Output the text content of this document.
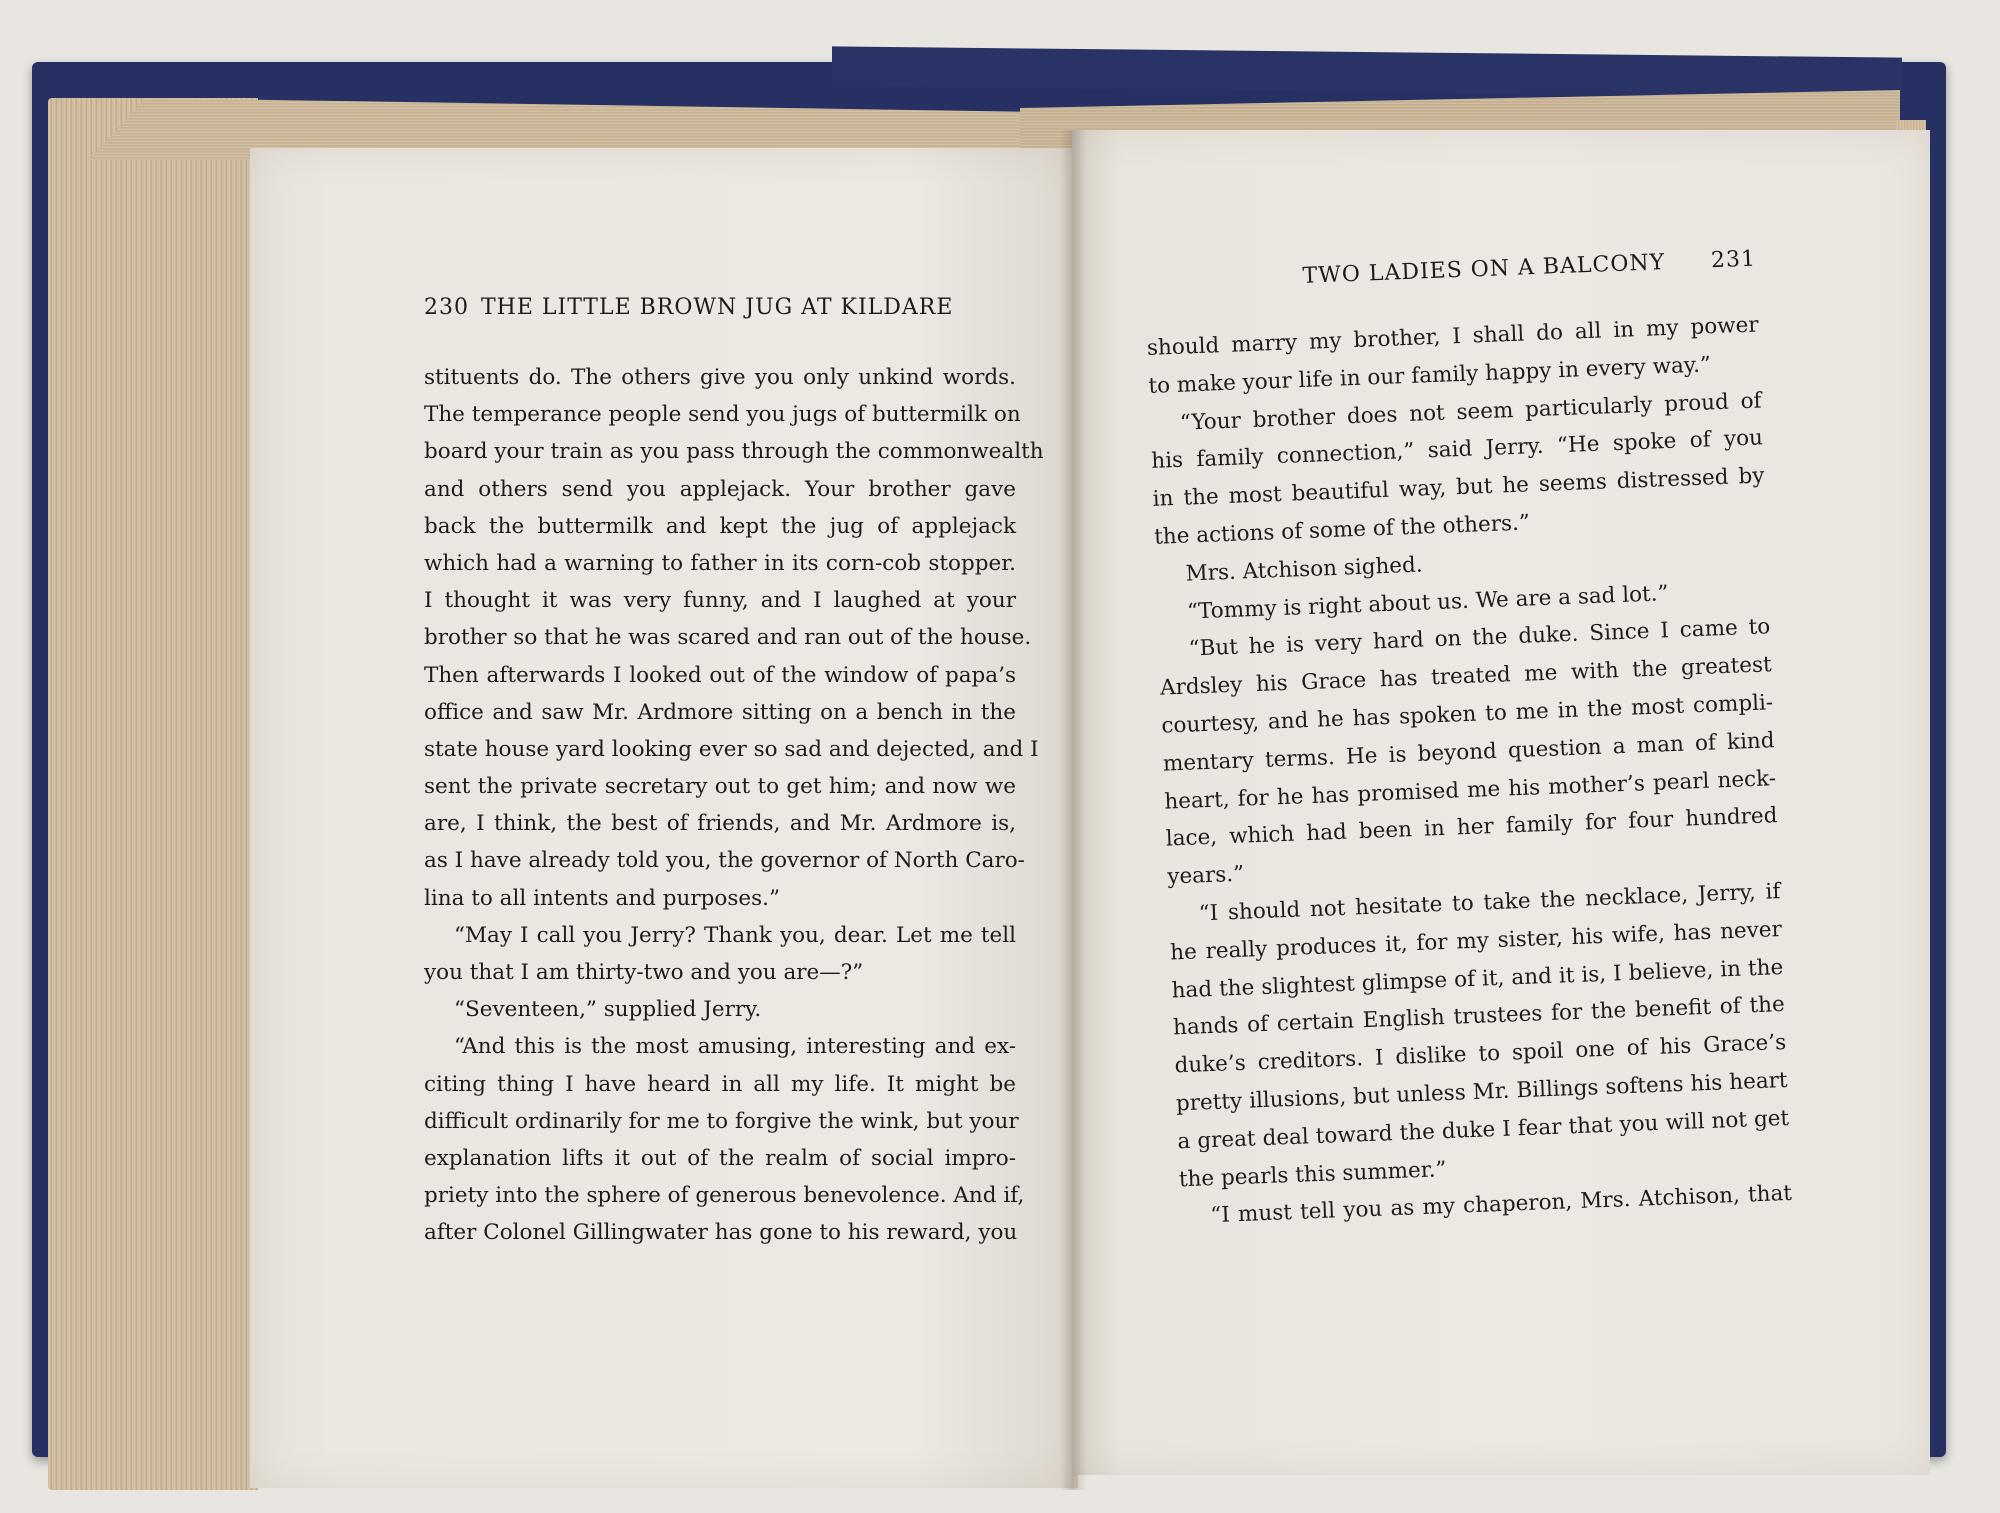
230 THE LITTLE BROWN JUG AT KILDARE
stituents do. The others give you only unkind words.
The temperance people send you jugs of buttermilk on
board your train as you pass through the commonwealth
and others send you applejack. Your brother gave
back the buttermilk and kept the jug of applejack
which had a warning to father in its corn-cob stopper.
I thought it was very funny, and I laughed at your
brother so that he was scared and ran out of the house.
Then afterwards I looked out of the window of papa’s
office and saw Mr. Ardmore sitting on a bench in the
state house yard looking ever so sad and dejected, and I
sent the private secretary out to get him; and now we
are, I think, the best of friends, and Mr. Ardmore is,
as I have already told you, the governor of North Caro-
lina to all intents and purposes.”
“May I call you Jerry? Thank you, dear. Let me tell
you that I am thirty-two and you are—?”
“Seventeen,” supplied Jerry.
“And this is the most amusing, interesting and ex-
citing thing I have heard in all my life. It might be
difficult ordinarily for me to forgive the wink, but your
explanation lifts it out of the realm of social impro-
priety into the sphere of generous benevolence. And if,
after Colonel Gillingwater has gone to his reward, you
TWO LADIES ON A BALCONY 231
should marry my brother, I shall do all in my power
to make your life in our family happy in every way.”
“Your brother does not seem particularly proud of
his family connection,” said Jerry. “He spoke of you
in the most beautiful way, but he seems distressed by
the actions of some of the others.”
Mrs. Atchison sighed.
“Tommy is right about us. We are a sad lot.”
“But he is very hard on the duke. Since I came to
Ardsley his Grace has treated me with the greatest
courtesy, and he has spoken to me in the most compli-
mentary terms. He is beyond question a man of kind
heart, for he has promised me his mother’s pearl neck-
lace, which had been in her family for four hundred
years.”
“I should not hesitate to take the necklace, Jerry, if
he really produces it, for my sister, his wife, has never
had the slightest glimpse of it, and it is, I believe, in the
hands of certain English trustees for the benefit of the
duke’s creditors. I dislike to spoil one of his Grace’s
pretty illusions, but unless Mr. Billings softens his heart
a great deal toward the duke I fear that you will not get
the pearls this summer.”
“I must tell you as my chaperon, Mrs. Atchison, that
